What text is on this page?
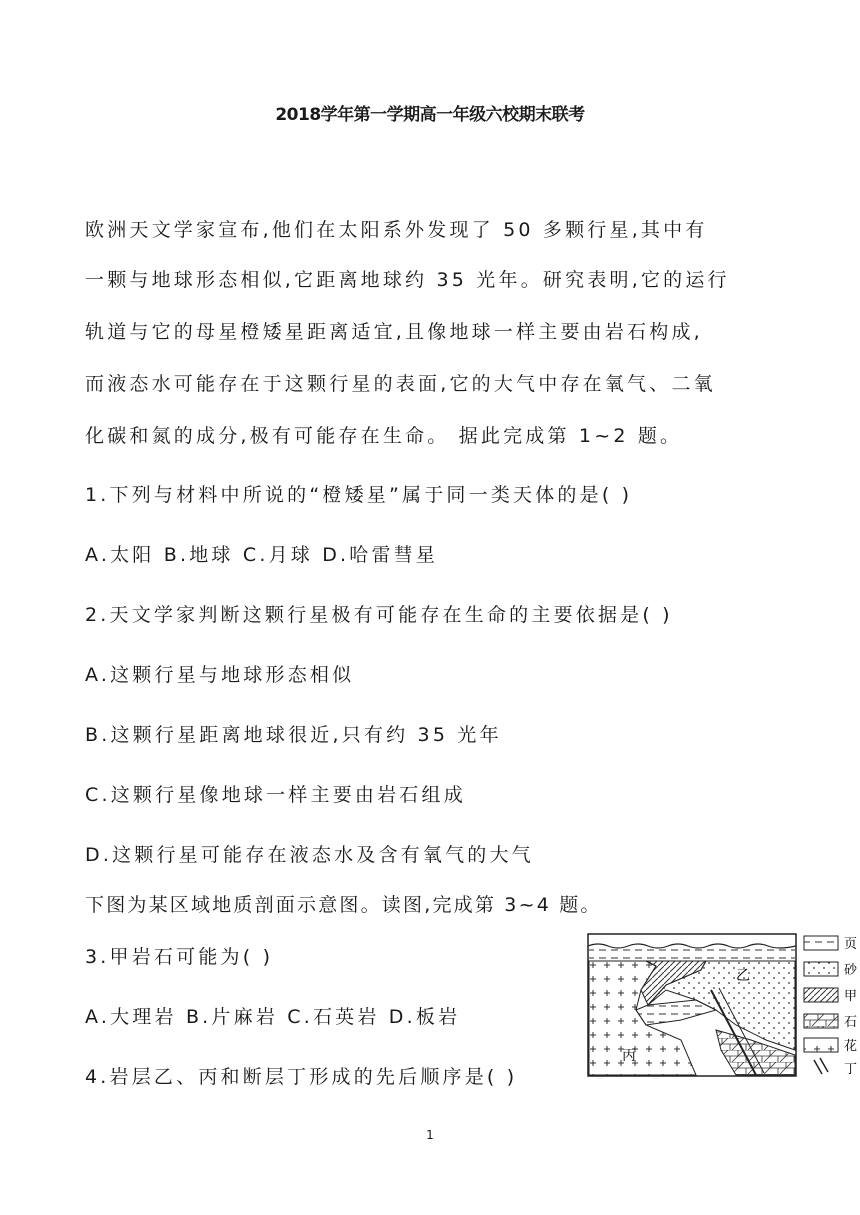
2018学年第一学期高一年级六校期末联考
欧洲天文学家宣布,他们在太阳系外发现了 50 多颗行星,其中有
一颗与地球形态相似,它距离地球约 35 光年。研究表明,它的运行
轨道与它的母星橙矮星距离适宜,且像地球一样主要由岩石构成,
而液态水可能存在于这颗行星的表面,它的大气中存在氧气、二氧
化碳和氮的成分,极有可能存在生命。 据此完成第 1~2 题。
1.下列与材料中所说的“橙矮星”属于同一类天体的是( )
A.太阳 B.地球 C.月球 D.哈雷彗星
2.天文学家判断这颗行星极有可能存在生命的主要依据是( )
A.这颗行星与地球形态相似
B.这颗行星距离地球很近,只有约 35 光年
C.这颗行星像地球一样主要由岩石组成
D.这颗行星可能存在液态水及含有氧气的大气
下图为某区域地质剖面示意图。读图,完成第 3~4 题。
3.甲岩石可能为( )
A.大理岩 B.片麻岩 C.石英岩 D.板岩
4.岩层乙、丙和断层丁形成的先后顺序是( )
乙
丙
页
砂
甲
石
花
丁
1
